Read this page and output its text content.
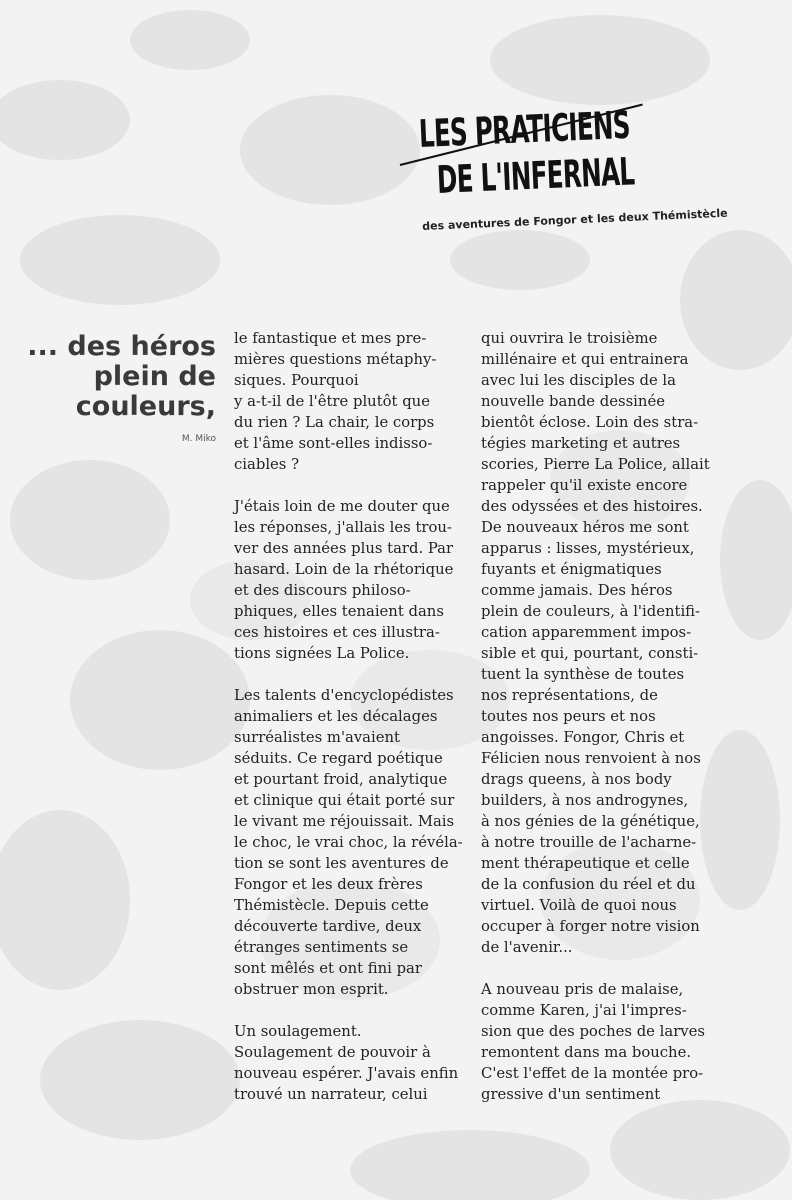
LES PRATICIENS
DE L'INFERNAL
des aventures de Fongor et les deux Thémistècle
... des héros
plein de
couleurs,
M. Miko
le fantastique et mes pre-
mières questions métaphy-
siques. Pourquoi
y a-t-il de l'être plutôt que
du rien ? La chair, le corps
et l'âme sont-elles indisso-
ciables ?
J'étais loin de me douter que
les réponses, j'allais les trou-
ver des années plus tard. Par
hasard. Loin de la rhétorique
et des discours philoso-
phiques, elles tenaient dans
ces histoires et ces illustra-
tions signées La Police.
Les talents d'encyclopédistes
animaliers et les décalages
surréalistes m'avaient
séduits. Ce regard poétique
et pourtant froid, analytique
et clinique qui était porté sur
le vivant me réjouissait. Mais
le choc, le vrai choc, la révéla-
tion se sont les aventures de
Fongor et les deux frères
Thémistècle. Depuis cette
découverte tardive, deux
étranges sentiments se
sont mêlés et ont fini par
obstruer mon esprit.
Un soulagement.
Soulagement de pouvoir à
nouveau espérer. J'avais enfin
trouvé un narrateur, celui
qui ouvrira le troisième
millénaire et qui entrainera
avec lui les disciples de la
nouvelle bande dessinée
bientôt éclose. Loin des stra-
tégies marketing et autres
scories, Pierre La Police, allait
rappeler qu'il existe encore
des odyssées et des histoires.
De nouveaux héros me sont
apparus : lisses, mystérieux,
fuyants et énigmatiques
comme jamais. Des héros
plein de couleurs, à l'identifi-
cation apparemment impos-
sible et qui, pourtant, consti-
tuent la synthèse de toutes
nos représentations, de
toutes nos peurs et nos
angoisses. Fongor, Chris et
Félicien nous renvoient à nos
drags queens, à nos body
builders, à nos androgynes,
à nos génies de la génétique,
à notre trouille de l'acharne-
ment thérapeutique et celle
de la confusion du réel et du
virtuel. Voilà de quoi nous
occuper à forger notre vision
de l'avenir...
A nouveau pris de malaise,
comme Karen, j'ai l'impres-
sion que des poches de larves
remontent dans ma bouche.
C'est l'effet de la montée pro-
gressive d'un sentiment
